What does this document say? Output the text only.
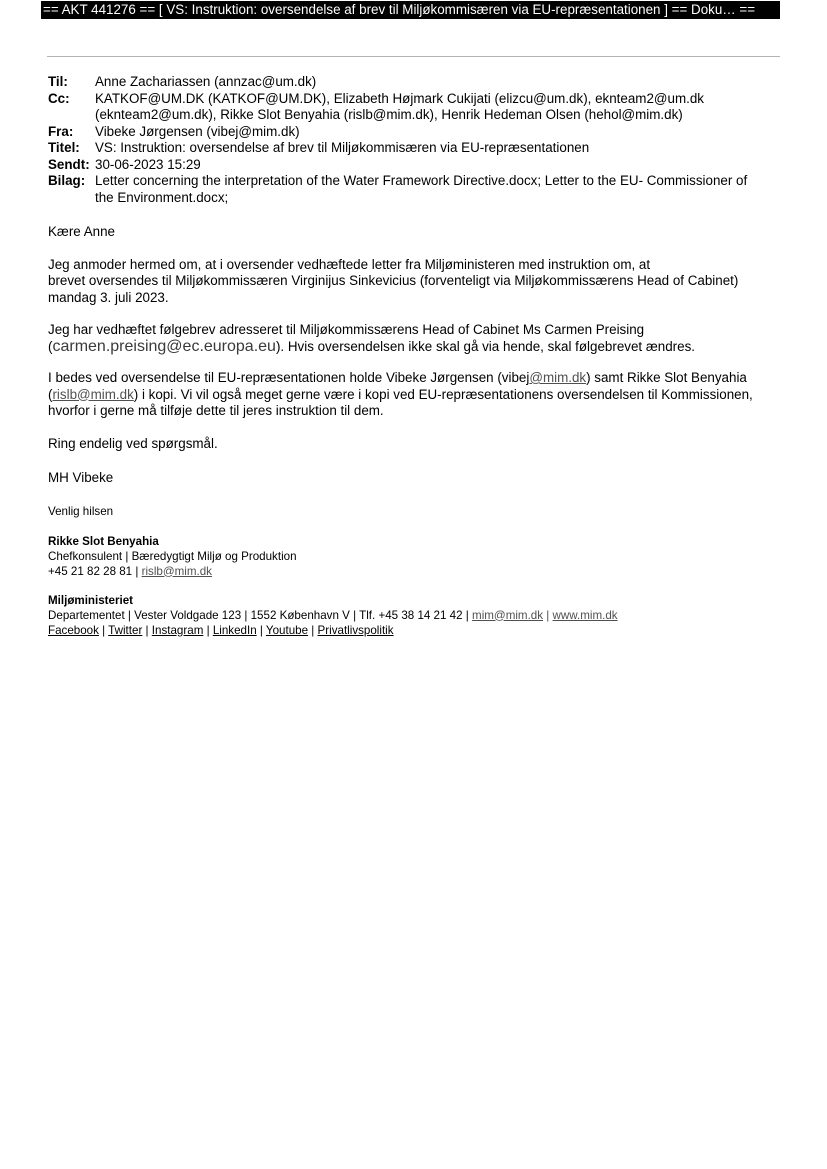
== AKT 441276 == [ VS: Instruktion: oversendelse af brev til Miljøkommisæren via EU-repræsentationen ] == Doku… ==
Til:	Anne Zachariassen (annzac@um.dk)
Cc:	KATKOF@UM.DK (KATKOF@UM.DK), Elizabeth Højmark Cukijati (elizcu@um.dk), eknteam2@um.dk
(eknteam2@um.dk), Rikke Slot Benyahia (rislb@mim.dk), Henrik Hedeman Olsen (hehol@mim.dk)
Fra:	Vibeke Jørgensen (vibej@mim.dk)
Titel:	VS: Instruktion: oversendelse af brev til Miljøkommisæren via EU-repræsentationen
Sendt: 30-06-2023 15:29
Bilag: Letter concerning the interpretation of the Water Framework Directive.docx; Letter to the EU- Commissioner of
the Environment.docx;

Kære Anne

Jeg anmoder hermed om, at i oversender vedhæftede letter fra Miljøministeren med instruktion om, at
brevet oversendes til Miljøkommissæren Virginijus Sinkevicius (forventeligt via Miljøkommissærens Head of Cabinet)
mandag 3. juli 2023.

Jeg har vedhæftet følgebrev adresseret til Miljøkommissærens Head of Cabinet Ms Carmen Preising
(carmen.preising@ec.europa.eu). Hvis oversendelsen ikke skal gå via hende, skal følgebrevet ændres.

I bedes ved oversendelse til EU-repræsentationen holde Vibeke Jørgensen (vibej@mim.dk) samt Rikke Slot Benyahia
(rislb@mim.dk) i kopi. Vi vil også meget gerne være i kopi ved EU-repræsentationens oversendelsen til Kommissionen,
hvorfor i gerne må tilføje dette til jeres instruktion til dem.

Ring endelig ved spørgsmål.

MH Vibeke

Venlig hilsen

Rikke Slot Benyahia

Chefkonsulent | Bæredygtigt Miljø og Produktion

+45 21 82 28 81 | rislb@mim.dk

Miljøministeriet

Departementet | Vester Voldgade 123 | 1552 København V | Tlf. +45 38 14 21 42 | mim@mim.dk | www.mim.dk

Facebook | Twitter | Instagram | LinkedIn | Youtube | Privatlivspolitik
